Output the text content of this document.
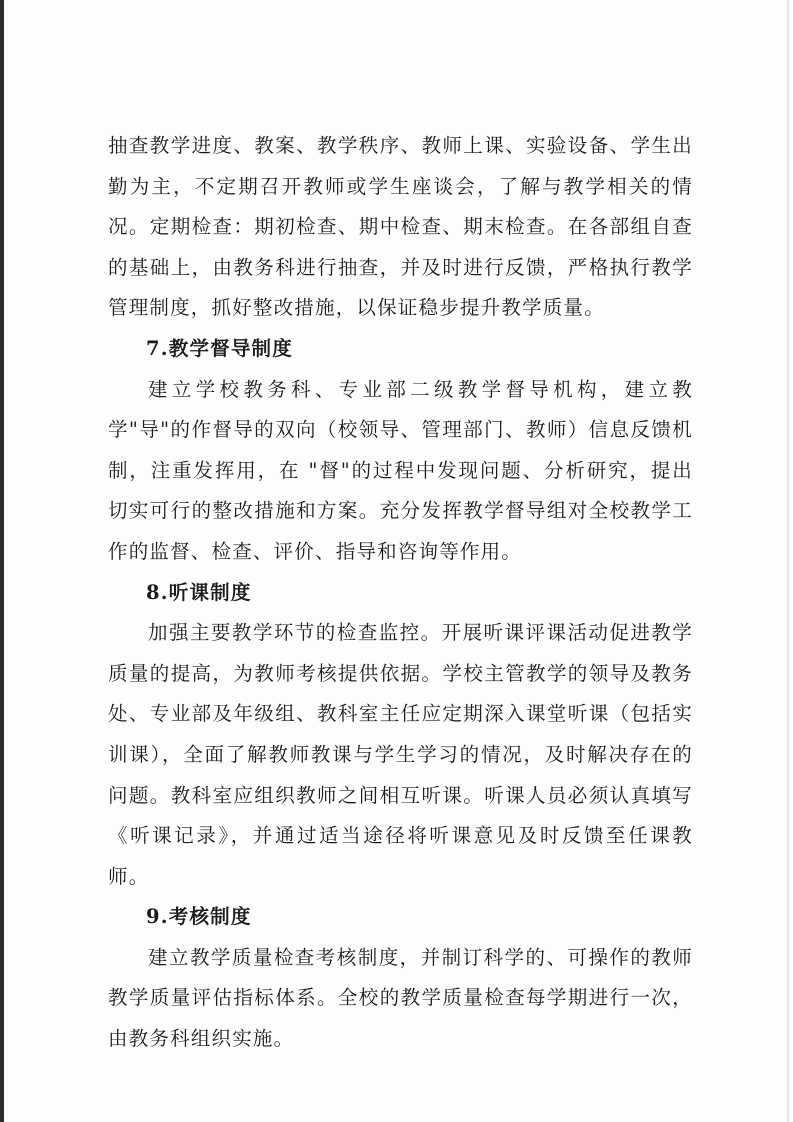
抽查教学进度、教案、教学秩序、教师上课、实验设备、学生出勤为主，不定期召开教师或学生座谈会，了解与教学相关的情况。定期检查：期初检查、期中检查、期末检查。在各部组自查的基础上，由教务科进行抽查，并及时进行反馈，严格执行教学管理制度，抓好整改措施，以保证稳步提升教学质量。

7.教学督导制度

建立学校教务科、专业部二级教学督导机构，建立教学"导"的作督导的双向（校领导、管理部门、教师）信息反馈机制，注重发挥用，在 "督"的过程中发现问题、分析研究，提出切实可行的整改措施和方案。充分发挥教学督导组对全校教学工作的监督、检查、评价、指导和咨询等作用。

8.听课制度

加强主要教学环节的检查监控。开展听课评课活动促进教学质量的提高，为教师考核提供依据。学校主管教学的领导及教务处、专业部及年级组、教科室主任应定期深入课堂听课（包括实训课），全面了解教师教课与学生学习的情况，及时解决存在的问题。教科室应组织教师之间相互听课。听课人员必须认真填写《听课记录》，并通过适当途径将听课意见及时反馈至任课教师。

9.考核制度

建立教学质量检查考核制度，并制订科学的、可操作的教师教学质量评估指标体系。全校的教学质量检查每学期进行一次，由教务科组织实施。
